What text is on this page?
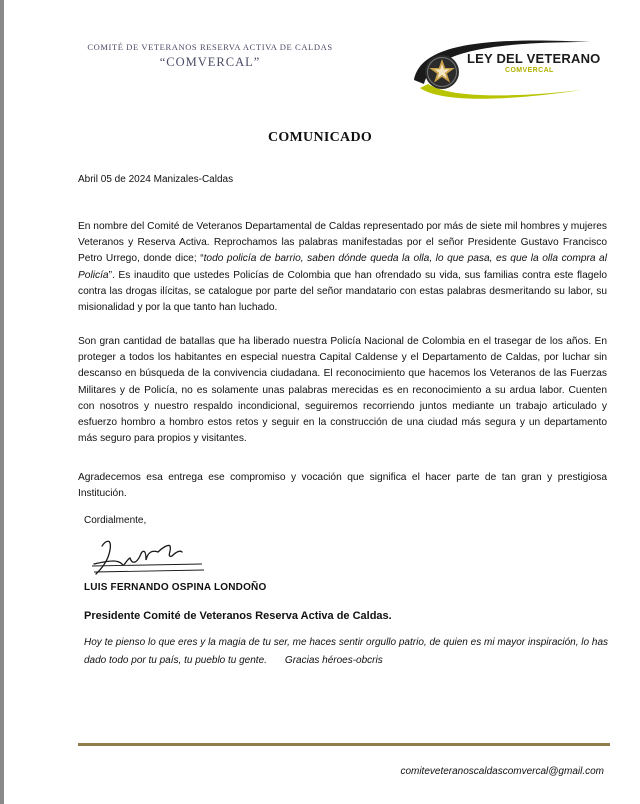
COMITÉ DE VETERANOS RESERVA ACTIVA DE CALDAS
“COMVERCAL”	LEY DEL VETERANO
COMVERCAL
COMUNICADO
Abril 05 de 2024 Manizales-Caldas

En nombre del Comité de Veteranos Departamental de Caldas representado por más de siete mil hombres y mujeres Veteranos y Reserva Activa. Reprochamos las palabras manifestadas por el señor Presidente Gustavo Francisco Petro Urrego, donde dice; “todo policía de barrio, saben dónde queda la olla, lo que pasa, es que la olla compra al Policía”. Es inaudito que ustedes Policías de Colombia que han ofrendado su vida, sus familias contra este flagelo contra las drogas ilícitas, se catalogue por parte del señor mandatario con estas palabras desmeritando su labor, su misionalidad y por la que tanto han luchado.

Son gran cantidad de batallas que ha liberado nuestra Policía Nacional de Colombia en el trasegar de los años. En proteger a todos los habitantes en especial nuestra Capital Caldense y el Departamento de Caldas, por luchar sin descanso en búsqueda de la convivencia ciudadana. El reconocimiento que hacemos los Veteranos de las Fuerzas Militares y de Policía, no es solamente unas palabras merecidas es en reconocimiento a su ardua labor. Cuenten con nosotros y nuestro respaldo incondicional, seguiremos recorriendo juntos mediante un trabajo articulado y esfuerzo hombro a hombro estos retos y seguir en la construcción de una ciudad más segura y un departamento más seguro para propios y visitantes.

Agradecemos esa entrega ese compromiso y vocación que significa el hacer parte de tan gran y prestigiosa Institución.

Cordialmente,
LUIS FERNANDO OSPINA LONDOÑO
Presidente Comité de Veteranos Reserva Activa de Caldas.

Hoy te pienso lo que eres y la magia de tu ser, me haces sentir orgullo patrio, de quien es mi mayor inspiración, lo has dado todo por tu país, tu pueblo tu gente. Gracias héroes-obcris

comiteveteranoscaldascomvercal@gmail.com
